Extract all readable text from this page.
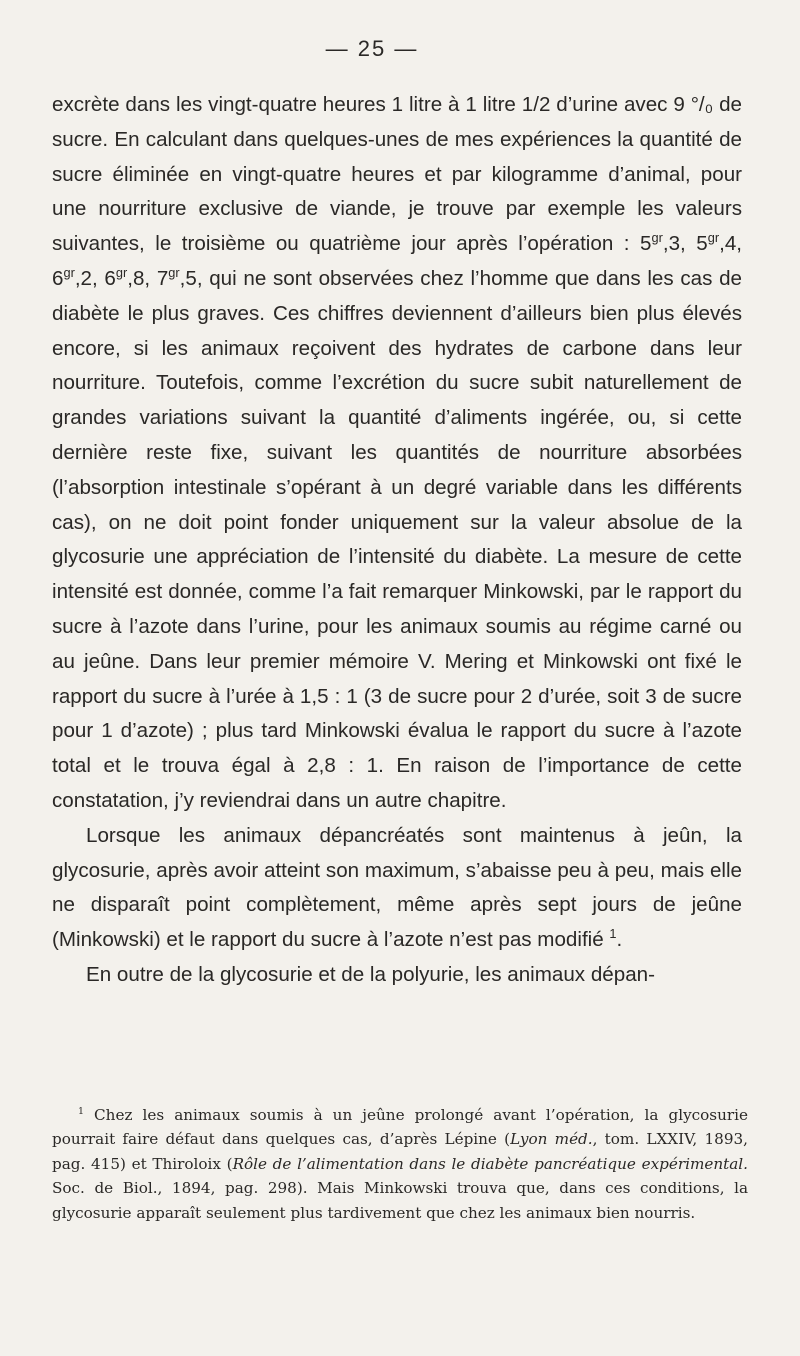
— 25 —

excrète dans les vingt-quatre heures 1 litre à 1 litre 1/2 d’urine avec 9 °/₀ de sucre. En calculant dans quelques-unes de mes expériences la quantité de sucre éliminée en vingt-quatre heures et par kilogramme d’animal, pour une nourriture exclusive de viande, je trouve par exemple les valeurs suivantes, le troisième ou quatrième jour après l’opération : $5^{gr},3$, $5^{gr},4$, $6^{gr},2$, $6^{gr},8$, $7^{gr},5$, qui ne sont observées chez l’homme que dans les cas de diabète le plus graves. Ces chiffres deviennent d’ailleurs bien plus élevés encore, si les animaux reçoivent des hydrates de carbone dans leur nourriture. Toutefois, comme l’excrétion du sucre subit naturellement de grandes variations suivant la quantité d’aliments ingérée, ou, si cette dernière reste fixe, suivant les quantités de nourriture absorbées (l’absorption intestinale s’opérant à un degré variable dans les différents cas), on ne doit point fonder uniquement sur la valeur absolue de la glycosurie une appréciation de l’intensité du diabète. La mesure de cette intensité est donnée, comme l’a fait remarquer Minkowski, par le rapport du sucre à l’azote dans l’urine, pour les animaux soumis au régime carné ou au jeûne. Dans leur premier mémoire V. Mering et Minkowski ont fixé le rapport du sucre à l’urée à 1,5 : 1 (3 de sucre pour 2 d’urée, soit 3 de sucre pour 1 d’azote) ; plus tard Minkowski évalua le rapport du sucre à l’azote total et le trouva égal à 2,8 : 1. En raison de l’importance de cette constatation, j’y reviendrai dans un autre chapitre.

Lorsque les animaux dépancréatés sont maintenus à jeûn, la glycosurie, après avoir atteint son maximum, s’abaisse peu à peu, mais elle ne disparaît point complètement, même après sept jours de jeûne (Minkowski) et le rapport du sucre à l’azote n’est pas modifié $^1$.

En outre de la glycosurie et de la polyurie, les animaux dépan-

$^1$ Chez les animaux soumis à un jeûne prolongé avant l’opération, la glycosurie pourrait faire défaut dans quelques cas, d’après Lépine (Lyon méd., tom. LXXIV, 1893, pag. 415) et Thiroloix (Rôle de l’alimentation dans le diabète pancréatique expérimental. Soc. de Biol., 1894, pag. 298). Mais Minkowski trouva que, dans ces conditions, la glycosurie apparaît seulement plus tardivement que chez les animaux bien nourris.
